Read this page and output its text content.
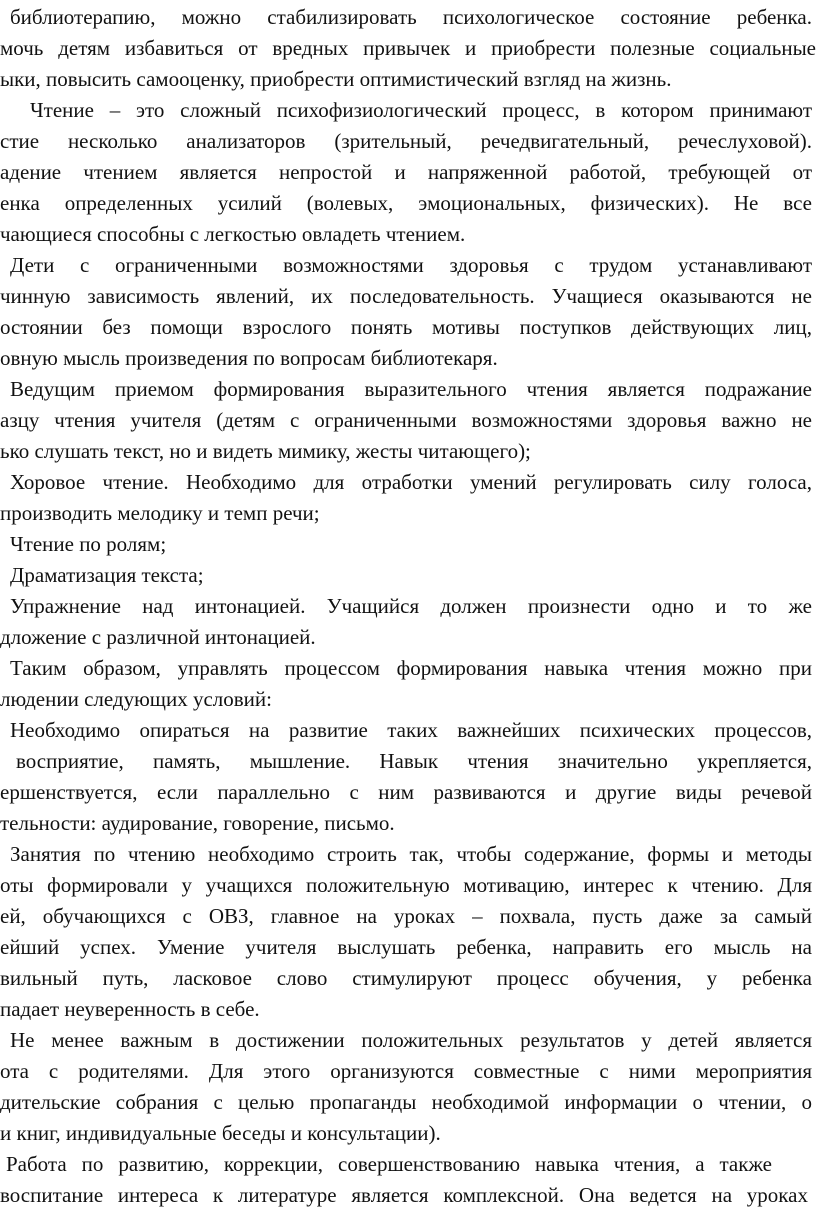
библиотерапию, можно стабилизировать психологическое состояние ребенка.
мочь детям избавиться от вредных привычек и приобрести полезные социальные
ыки, повысить самооценку, приобрести оптимистический взгляд на жизнь.
Чтение – это сложный психофизиологический процесс, в котором принимают
стие несколько анализаторов (зрительный, речедвигательный, речеслуховой).
адение чтением является непростой и напряженной работой, требующей от
енка определенных усилий (волевых, эмоциональных, физических). Не все
чающиеся способны с легкостью овладеть чтением.
Дети с ограниченными возможностями здоровья с трудом устанавливают
чинную зависимость явлений, их последовательность. Учащиеся оказываются не
остоянии без помощи взрослого понять мотивы поступков действующих лиц,
овную мысль произведения по вопросам библиотекаря.
Ведущим приемом формирования выразительного чтения является подражание
азцу чтения учителя (детям с ограниченными возможностями здоровья важно не
ько слушать текст, но и видеть мимику, жесты читающего);
Хоровое чтение. Необходимо для отработки умений регулировать силу голоса,
производить мелодику и темп речи;
Чтение по ролям;
Драматизация текста;
Упражнение над интонацией. Учащийся должен произнести одно и то же
дложение с различной интонацией.
Таким образом, управлять процессом формирования навыка чтения можно при
людении следующих условий:
Необходимо опираться на развитие таких важнейших психических процессов,
восприятие, память, мышление. Навык чтения значительно укрепляется,
ершенствуется, если параллельно с ним развиваются и другие виды речевой
тельности: аудирование, говорение, письмо.
Занятия по чтению необходимо строить так, чтобы содержание, формы и методы
оты формировали у учащихся положительную мотивацию, интерес к чтению. Для
ей, обучающихся с ОВЗ, главное на уроках – похвала, пусть даже за самый
ейший успех. Умение учителя выслушать ребенка, направить его мысль на
вильный путь, ласковое слово стимулируют процесс обучения, у ребенка
падает неуверенность в себе.
Не менее важным в достижении положительных результатов у детей является
ота с родителями. Для этого организуются совместные с ними мероприятия
дительские собрания с целью пропаганды необходимой информации о чтении, о
и книг, индивидуальные беседы и консультации).
Работа по развитию, коррекции, совершенствованию навыка чтения, а также
воспитание интереса к литературе является комплексной. Она ведется на уроках
